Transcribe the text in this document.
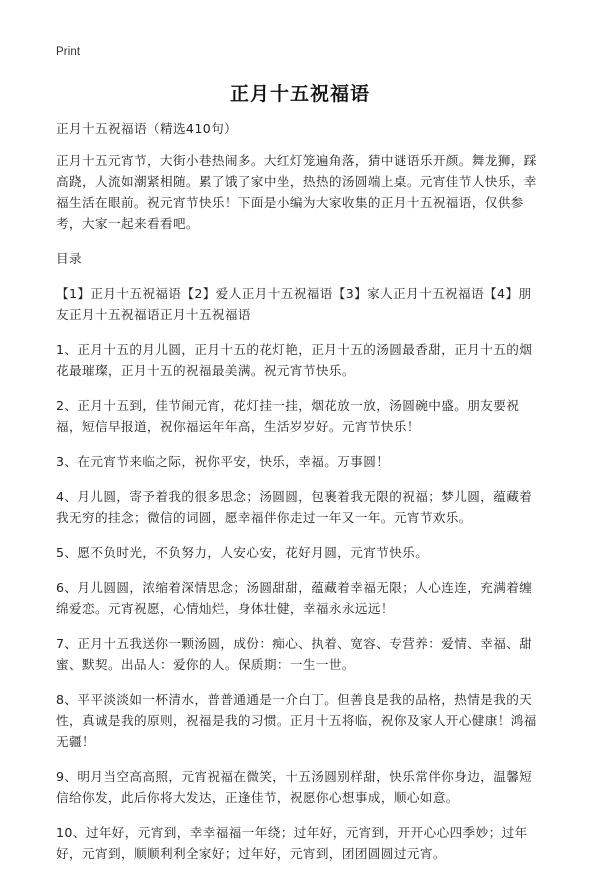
Print
正月十五祝福语

正月十五祝福语（精选410句）

正月十五元宵节，大街小巷热闹多。大红灯笼遍角落，猜中谜语乐开颜。舞龙狮，踩高跷，人流如潮紧相随。累了饿了家中坐，热热的汤圆端上桌。元宵佳节人快乐，幸福生活在眼前。祝元宵节快乐！下面是小编为大家收集的正月十五祝福语，仅供参考，大家一起来看看吧。

目录

【1】正月十五祝福语【2】爱人正月十五祝福语【3】家人正月十五祝福语【4】朋友正月十五祝福语正月十五祝福语

1、正月十五的月儿圆，正月十五的花灯艳，正月十五的汤圆最香甜，正月十五的烟花最璀璨，正月十五的祝福最美满。祝元宵节快乐。

2、正月十五到，佳节闹元宵，花灯挂一挂，烟花放一放，汤圆碗中盛。朋友要祝福，短信早报道，祝你福运年年高，生活岁岁好。元宵节快乐！

3、在元宵节来临之际，祝你平安，快乐，幸福。万事圆！

4、月儿圆，寄予着我的很多思念；汤圆圆，包裹着我无限的祝福；梦儿圆，蕴藏着我无穷的挂念；微信的词圆，愿幸福伴你走过一年又一年。元宵节欢乐。

5、愿不负时光，不负努力，人安心安，花好月圆，元宵节快乐。

6、月儿圆圆，浓缩着深情思念；汤圆甜甜，蕴藏着幸福无限；人心连连，充满着缠绵爱恋。元宵祝愿，心情灿烂，身体壮健，幸福永永远远！

7、正月十五我送你一颗汤圆，成份：痴心、执着、宽容、专营养：爱情、幸福、甜蜜、默契。出品人：爱你的人。保质期：一生一世。

8、平平淡淡如一杯清水，普普通通是一介白丁。但善良是我的品格，热情是我的天性，真诚是我的原则，祝福是我的习惯。正月十五将临，祝你及家人开心健康！鸿福无疆！

9、明月当空高高照，元宵祝福在微笑，十五汤圆别样甜，快乐常伴你身边，温馨短信给你发，此后你将大发达，正逢佳节，祝愿你心想事成，顺心如意。

10、过年好，元宵到，幸幸福福一年绕；过年好，元宵到，开开心心四季妙；过年好，元宵到，顺顺利利全家好；过年好，元宵到，团团圆圆过元宵。
